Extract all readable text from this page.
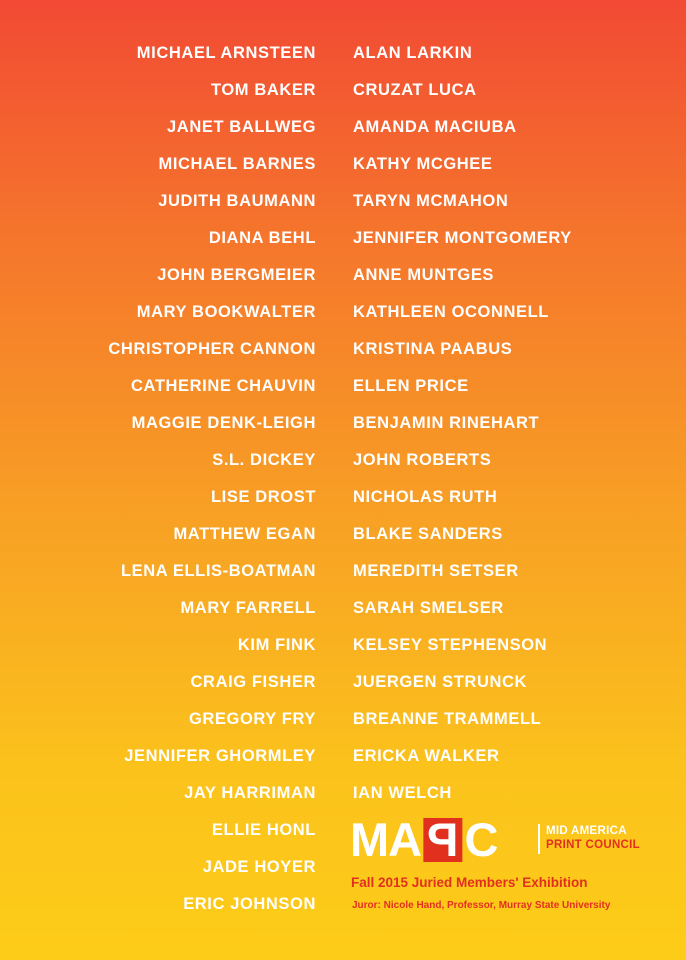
MICHAEL ARNSTEEN
TOM BAKER
JANET BALLWEG
MICHAEL BARNES
JUDITH BAUMANN
DIANA BEHL
JOHN BERGMEIER
MARY BOOKWALTER
CHRISTOPHER CANNON
CATHERINE CHAUVIN
MAGGIE DENK-LEIGH
S.L. DICKEY
LISE DROST
MATTHEW EGAN
LENA ELLIS-BOATMAN
MARY FARRELL
KIM FINK
CRAIG FISHER
GREGORY FRY
JENNIFER GHORMLEY
JAY HARRIMAN
ELLIE HONL
JADE HOYER
ERIC JOHNSON
ALAN LARKIN
CRUZAT LUCA
AMANDA MACIUBA
KATHY MCGHEE
TARYN MCMAHON
JENNIFER MONTGOMERY
ANNE MUNTGES
KATHLEEN OCONNELL
KRISTINA PAABUS
ELLEN PRICE
BENJAMIN RINEHART
JOHN ROBERTS
NICHOLAS RUTH
BLAKE SANDERS
MEREDITH SETSER
SARAH SMELSER
KELSEY STEPHENSON
JUERGEN STRUNCK
BREANNE TRAMMELL
ERICKA WALKER
IAN WELCH
M A P C	MID AMERICA
PRINT COUNCIL
Fall 2015 Juried Members' Exhibition
Juror: Nicole Hand, Professor, Murray State University
